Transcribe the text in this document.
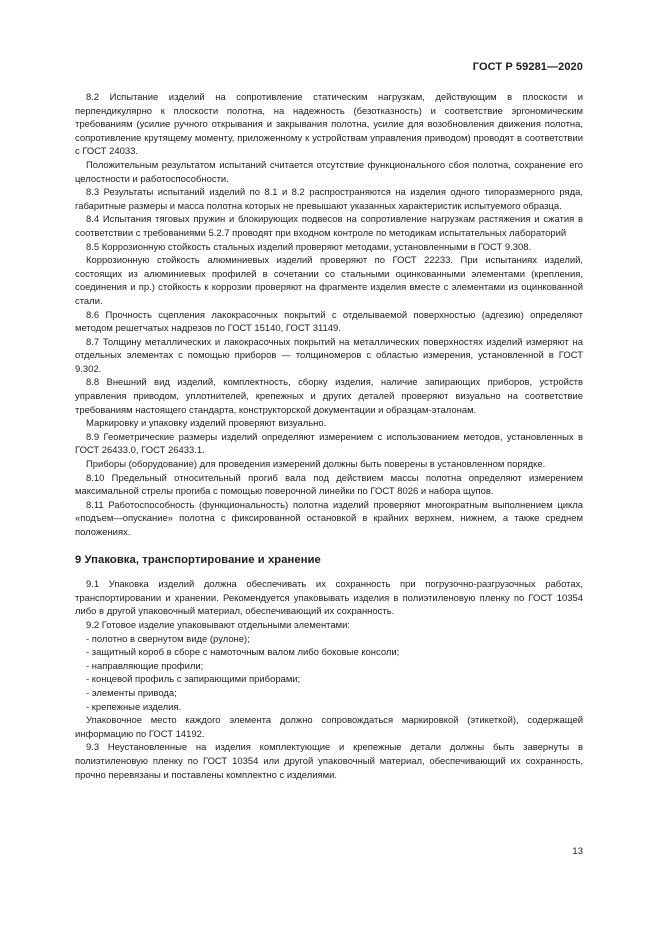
ГОСТ Р 59281—2020

8.2 Испытание изделий на сопротивление статическим нагрузкам, действующим в плоскости и перпендикулярно к плоскости полотна, на надежность (безотказность) и соответствие эргономическим требованиям (усилие ручного открывания и закрывания полотна, усилие для возобновления движения полотна, сопротивление крутящему моменту, приложенному к устройствам управления приводом) проводят в соответствии с ГОСТ 24033.

Положительным результатом испытаний считается отсутствие функционального сбоя полотна, сохранение его целостности и работоспособности.

8.3 Результаты испытаний изделий по 8.1 и 8.2 распространяются на изделия одного типоразмерного ряда, габаритные размеры и масса полотна которых не превышают указанных характеристик испытуемого образца.

8.4 Испытания тяговых пружин и блокирующих подвесов на сопротивление нагрузкам растяжения и сжатия в соответствии с требованиями 5.2.7 проводят при входном контроле по методикам испытательных лабораторий

8.5 Коррозионную стойкость стальных изделий проверяют методами, установленными в ГОСТ 9.308.

Коррозионную стойкость алюминиевых изделий проверяют по ГОСТ 22233. При испытаниях изделий, состоящих из алюминиевых профилей в сочетании со стальными оцинкованными элементами (крепления, соединения и пр.) стойкость к коррозии проверяют на фрагменте изделия вместе с элементами из оцинкованной стали.

8.6 Прочность сцепления лакокрасочных покрытий с отделываемой поверхностью (адгезию) определяют методом решетчатых надрезов по ГОСТ 15140, ГОСТ 31149.

8.7 Толщину металлических и лакокрасочных покрытий на металлических поверхностях изделий измеряют на отдельных элементах с помощью приборов — толщиномеров с областью измерения, установленной в ГОСТ 9.302.

8.8 Внешний вид изделий, комплектность, сборку изделия, наличие запирающих приборов, устройств управления приводом, уплотнителей, крепежных и других деталей проверяют визуально на соответствие требованиям настоящего стандарта, конструкторской документации и образцам-эталонам.

Маркировку и упаковку изделий проверяют визуально.

8.9 Геометрические размеры изделий определяют измерением с использованием методов, установленных в ГОСТ 26433.0, ГОСТ 26433.1.

Приборы (оборудование) для проведения измерений должны быть поверены в установленном порядке.

8.10 Предельный относительный прогиб вала под действием массы полотна определяют измерением максимальной стрелы прогиба с помощью поверочной линейки по ГОСТ 8026 и набора щупов.

8.11 Работоспособность (функциональность) полотна изделий проверяют многократным выполнением цикла «подъем—опускание» полотна с фиксированной остановкой в крайних верхнем, нижнем, а также среднем положениях.

9 Упаковка, транспортирование и хранение

9.1 Упаковка изделий должна обеспечивать их сохранность при погрузочно-разгрузочных работах, транспортировании и хранении. Рекомендуется упаковывать изделия в полиэтиленовую пленку по ГОСТ 10354 либо в другой упаковочный материал, обеспечивающий их сохранность.

9.2 Готовое изделие упаковывают отдельными элементами:

- полотно в свернутом виде (рулоне);

- защитный короб в сборе с намоточным валом либо боковые консоли;

- направляющие профили;

- концевой профиль с запирающими приборами;

- элементы привода;

- крепежные изделия.

Упаковочное место каждого элемента должно сопровождаться маркировкой (этикеткой), содержащей информацию по ГОСТ 14192.

9.3 Неустановленные на изделия комплектующие и крепежные детали должны быть завернуты в полиэтиленовую пленку по ГОСТ 10354 или другой упаковочный материал, обеспечивающий их сохранность, прочно перевязаны и поставлены комплектно с изделиями.

13
